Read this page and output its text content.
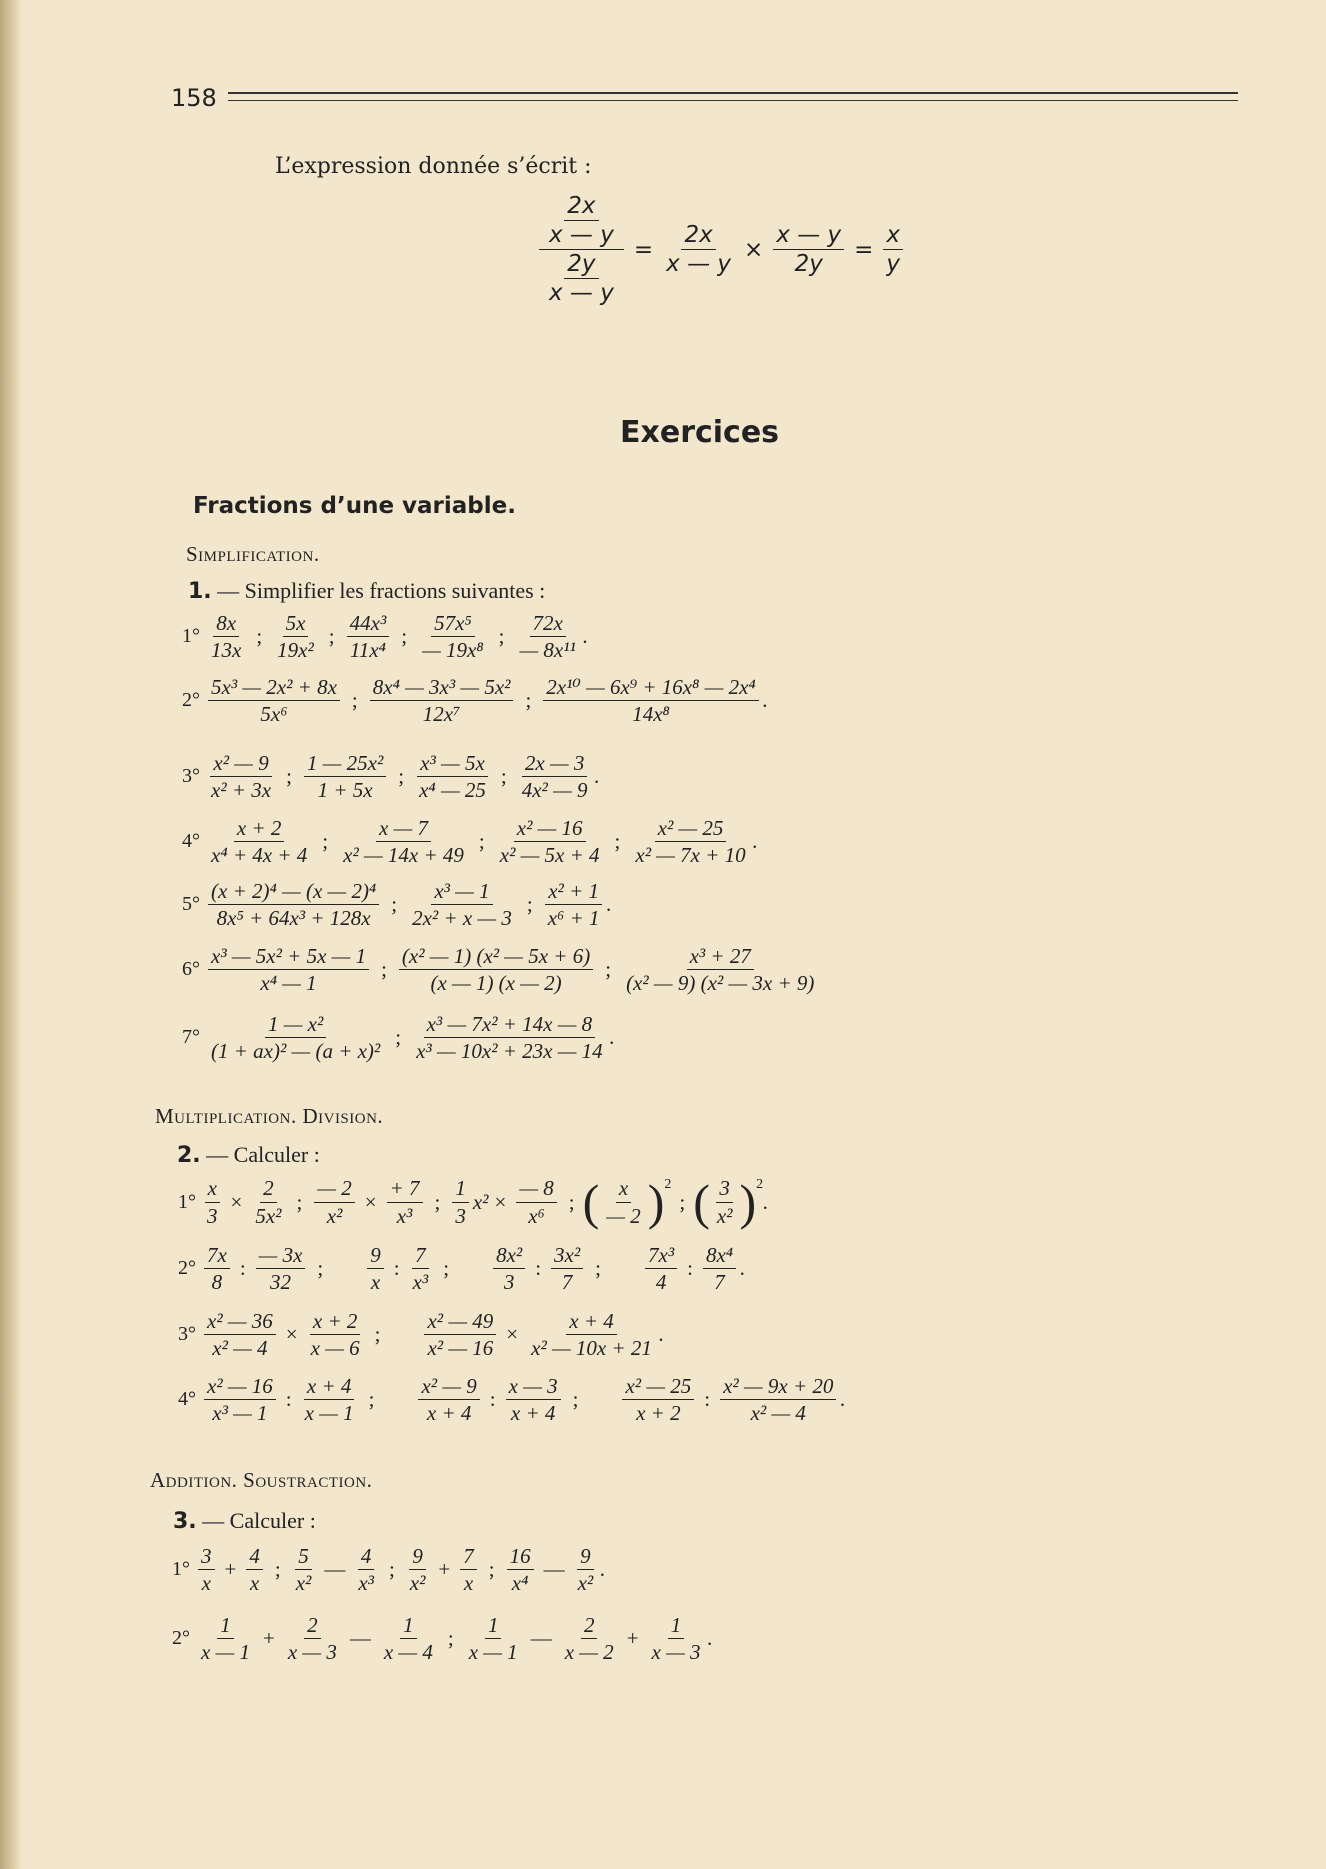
158
L’expression donnée s’écrit :
$\frac{\frac{2x}{x — y}}{\frac{2y}{x — y}} = \frac{2x}{x — y} \times \frac{x — y}{2y} = \frac{x}{y}$
Exercices
Fractions d’une variable.
Simplification.
1. — Simplifier les fractions suivantes :
$1^\circ \frac{8x}{13x}$ ; $\frac{5x}{\text{19x²}}$ ; $\frac{\text{44x³}}{\text{11x⁴}}$ ; $\frac{\text{57x⁵}}{\text{— 19x⁸}}$ ; $\frac{72x}{\text{— 8x¹¹}}$ .
$2^\circ \frac{\text{5x³ — 2x² + 8x}}{\text{5x⁶}}$ ; $\frac{\text{8x⁴ — 3x³ — 5x²}}{\text{12x⁷}}$ ; $\frac{\text{2x¹⁰ — 6x⁹ + 16x⁸ — 2x⁴}}{\text{14x⁸}}$ .
$3^\circ \frac{\text{x² — 9}}{\text{x² + 3x}}$ ; $\frac{\text{1 — 25x²}}{1 + 5x}$ ; $\frac{\text{x³ — 5x}}{\text{x⁴ — 25}}$ ; $\frac{2x — 3}{\text{4x² — 9}}$ .
$4^\circ \frac{x + 2}{\text{x⁴ + 4x + 4}}$ ; $\frac{x — 7}{\text{x² — 14x + 49}}$ ; $\frac{\text{x² — 16}}{\text{x² — 5x + 4}}$ ; $\frac{\text{x² — 25}}{\text{x² — 7x + 10}}$ .
$5^\circ \frac{\text{(x + 2)⁴ — (x — 2)⁴}}{\text{8x⁵ + 64x³ + 128x}}$ ; $\frac{\text{x³ — 1}}{\text{2x² + x — 3}}$ ; $\frac{\text{x² + 1}}{\text{x⁶ + 1}}$ .
$6^\circ \frac{\text{x³ — 5x² + 5x — 1}}{\text{x⁴ — 1}}$ ; $\frac{\text{(x² — 1) (x² — 5x + 6)}}{(x — 1) (x — 2)}$ ; $\frac{\text{x³ + 27}}{\text{(x² — 9) (x² — 3x + 9)}}$
$7^\circ \frac{\text{1 — x²}}{\text{(1 + ax)² — (a + x)²}}$ ; $\frac{\text{x³ — 7x² + 14x — 8}}{\text{x³ — 10x² + 23x — 14}}$ .
Multiplication. Division.
2. — Calculer :
$1^\circ \frac{x}{3} \times \frac{2}{\text{5x²}}$ ; $\frac{— 2}{\text{x²}} \times \frac{+ 7}{\text{x³}}$ ; $\frac{1}{3} x^2 \times \frac{— 8}{\text{x⁶}}$ ; ( $\frac{x}{— 2} )^2$
; ( $\frac{3}{\text{x²}} )^2$
.
$2^\circ \frac{7x}{8}$ : $\frac{— 3x}{32}$ ; $\frac{9}{x}$ : $\frac{7}{\text{x³}}$ ; $\frac{\text{8x²}}{3}$ : $\frac{\text{3x²}}{7}$ ; $\frac{\text{7x³}}{4}$ : $\frac{\text{8x⁴}}{7}$ .
$3^\circ \frac{\text{x² — 36}}{\text{x² — 4}} \times \frac{x + 2}{x — 6}$ ; $\frac{\text{x² — 49}}{\text{x² — 16}} \times \frac{x + 4}{\text{x² — 10x + 21}}$ .
$4^\circ \frac{\text{x² — 16}}{\text{x³ — 1}}$ : $\frac{x + 4}{x — 1}$ ; $\frac{\text{x² — 9}}{x + 4}$ : $\frac{x — 3}{x + 4}$ ; $\frac{\text{x² — 25}}{x + 2}$ : $\frac{\text{x² — 9x + 20}}{\text{x² — 4}}$ .
Addition. Soustraction.
3. — Calculer :
$1^\circ \frac{3}{x} + \frac{4}{x}$ ; $\frac{5}{\text{x²}}$ — $\frac{4}{\text{x³}}$ ; $\frac{9}{\text{x²}} + \frac{7}{x}$ ; $\frac{16}{\text{x⁴}}$ — $\frac{9}{\text{x²}}$ .
$2^\circ \frac{1}{x — 1} + \frac{2}{x — 3}$ — $\frac{1}{x — 4}$ ; $\frac{1}{x — 1}$ — $\frac{2}{x — 2} + \frac{1}{x — 3}$ .
